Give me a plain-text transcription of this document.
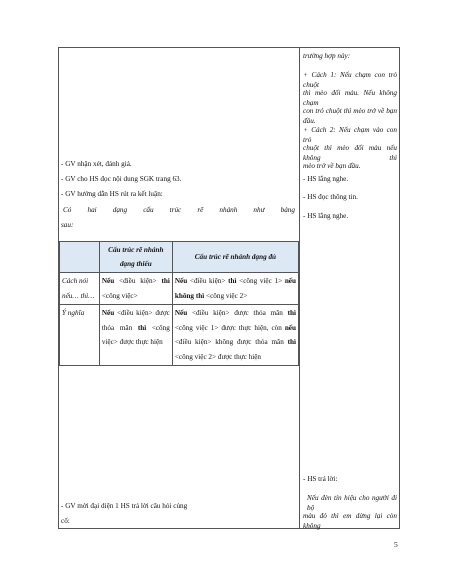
- GV nhận xét, đánh giá.
- GV cho HS đọc nội dung SGK trang 63.
- GV hướng dẫn HS rút ra kết luận:
Có hai dạng cấu trúc rẽ nhánh như bảng
sau:
	Cấu trúc rẽ nhánh dạng thiếu	Cấu trúc rẽ nhánh dạng đủ
Cách nói nếu… thì…	Nếu <điều kiện> thì <công việc>	Nếu <điều kiện> thì <công việc 1> nếu không thì <công việc 2>
Ý nghĩa	Nếu <điều kiện> được thỏa mãn thì <công việc> được thực hiện	Nếu <điều kiện> được thỏa mãn thì <công việc 1> được thực hiện, còn nếu <điều kiện> không được thỏa mãn thì <công việc 2> được thực hiện
- GV mời đại diện 1 HS trả lời câu hỏi củng
cố:
trường hợp này:
+ Cách 1: Nếu chạm con trỏ chuột
thì mèo đổi màu. Nếu không chạm
con trỏ chuột thì mèo trở về bạn đầu.
+ Cách 2: Nếu chạm vào con trỏ
chuột thì mèo đổi màu nếu không thì
mèo trở về bạn đầu.
- HS lắng nghe.
- HS đọc thông tin.
- HS lắng nghe.
- HS trả lời:
Nếu đèn tín hiệu cho người đi bộ
màu đỏ thì em dừng lại còn không
5
